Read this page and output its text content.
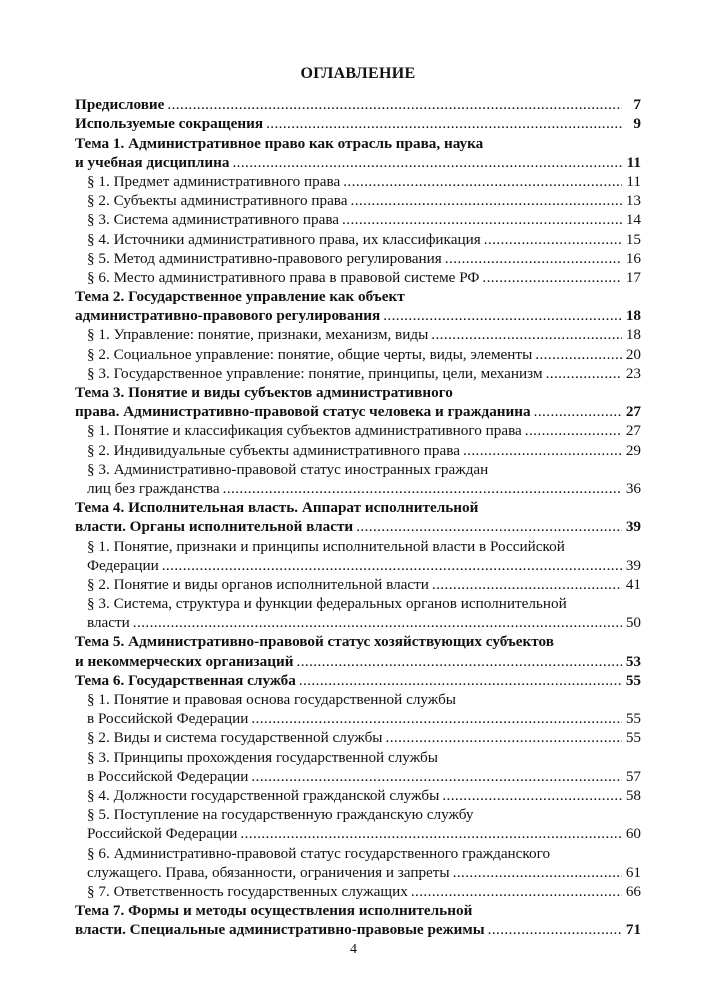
ОГЛАВЛЕНИЕ
Предисловие .....	7
Используемые сокращения .....	9
Тема 1. Административное право как отрасль права, наука
и учебная дисциплина .....	11
§ 1. Предмет административного права .....	11
§ 2. Субъекты административного права .....	13
§ 3. Система административного права .....	14
§ 4. Источники административного права, их классификация .....	15
§ 5. Метод административно-правового регулирования .....	16
§ 6. Место административного права в правовой системе РФ .....	17
Тема 2. Государственное управление как объект
административно-правового регулирования .....	18
§ 1. Управление: понятие, признаки, механизм, виды .....	18
§ 2. Социальное управление: понятие, общие черты, виды, элементы .....	20
§ 3. Государственное управление: понятие, принципы, цели, механизм .....	23
Тема 3. Понятие и виды субъектов административного
права. Административно-правовой статус человека и гражданина .....	27
§ 1. Понятие и классификация субъектов административного права .....	27
§ 2. Индивидуальные субъекты административного права .....	29
§ 3. Административно-правовой статус иностранных граждан
лиц без гражданства .....	36
Тема 4. Исполнительная власть. Аппарат исполнительной
власти. Органы исполнительной власти .....	39
§ 1. Понятие, признаки и принципы исполнительной власти в Российской
Федерации .....	39
§ 2. Понятие и виды органов исполнительной власти .....	41
§ 3. Система, структура и функции федеральных органов исполнительной
власти .....	50
Тема 5. Административно-правовой статус хозяйствующих субъектов
и некоммерческих организаций .....	53
Тема 6. Государственная служба .....	55
§ 1. Понятие и правовая основа государственной службы
в Российской Федерации .....	55
§ 2. Виды и система государственной службы .....	55
§ 3. Принципы прохождения государственной службы
в Российской Федерации .....	57
§ 4. Должности государственной гражданской службы .....	58
§ 5. Поступление на государственную гражданскую службу
Российской Федерации .....	60
§ 6. Административно-правовой статус государственного гражданского
служащего. Права, обязанности, ограничения и запреты .....	61
§ 7. Ответственность государственных служащих .....	66
Тема 7. Формы и методы осуществления исполнительной
власти. Специальные административно-правовые режимы .....	71
4
